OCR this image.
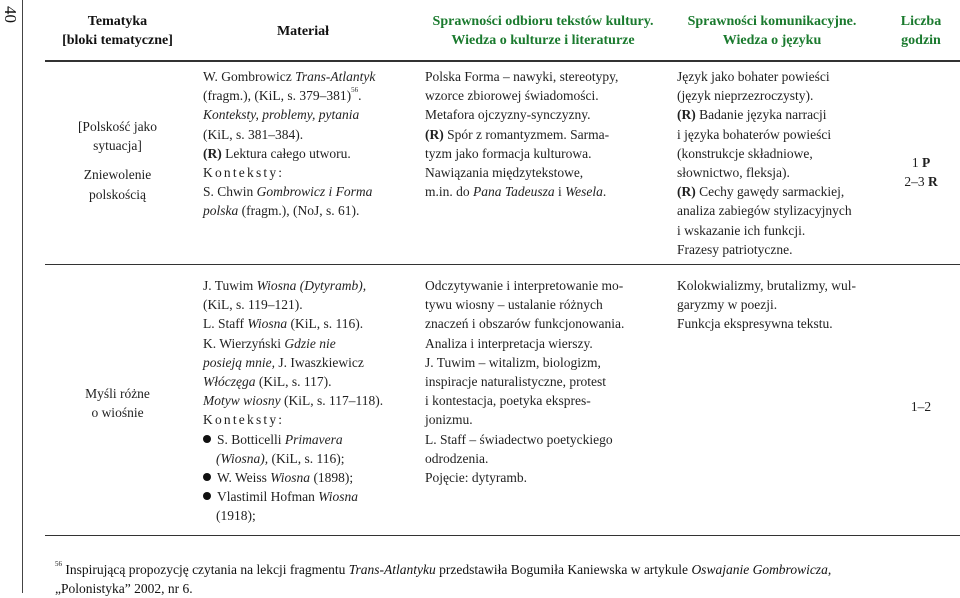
40	Tematyka
[bloki tematyczne]
Materiał
Sprawności odbioru tekstów kultury.
Wiedza o kulturze i literaturze
Sprawności komunikacyjne.
Wiedza o języku
Liczba
godzin
[Polskość jako
sytuacja]
Zniewolenie
polskością
W. Gombrowicz Trans-Atlantyk
(fragm.), (KiL, s. 379–381)$^{56}$.
Konteksty, problemy, pytania
(KiL, s. 381–384).
(R) Lektura całego utworu.
Konteksty:
S. Chwin Gombrowicz i Forma
polska (fragm.), (NoJ, s. 61).
Polska Forma – nawyki, stereotypy,
wzorce zbiorowej świadomości.
Metafora ojczyzny-synczyzny.
(R) Spór z romantyzmem. Sarma-
tyzm jako formacja kulturowa.
Nawiązania międzytekstowe,
m.in. do Pana Tadeusza i Wesela.
Język jako bohater powieści
(język nieprzezroczysty).
(R) Badanie języka narracji
i języka bohaterów powieści
(konstrukcje składniowe,
słownictwo, fleksja).
(R) Cechy gawędy sarmackiej,
analiza zabiegów stylizacyjnych
i wskazanie ich funkcji.
Frazesy patriotyczne.
1 P
2–3 R
Myśli różne
o wiośnie
J. Tuwim Wiosna (Dytyramb),
(KiL, s. 119–121).
L. Staff Wiosna (KiL, s. 116).
K. Wierzyński Gdzie nie
posieją mnie, J. Iwaszkiewicz
Włóczęga (KiL, s. 117).
Motyw wiosny (KiL, s. 117–118).
Konteksty:
S. Botticelli Primavera
(Wiosna), (KiL, s. 116);
W. Weiss Wiosna (1898);
Vlastimil Hofman Wiosna
(1918);
Odczytywanie i interpretowanie mo-
tywu wiosny – ustalanie różnych
znaczeń i obszarów funkcjonowania.
Analiza i interpretacja wierszy.
J. Tuwim – witalizm, biologizm,
inspiracje naturalistyczne, protest
i kontestacja, poetyka ekspres-
jonizmu.
L. Staff – świadectwo poetyckiego
odrodzenia.
Pojęcie: dytyramb.
Kolokwializmy, brutalizmy, wul-
garyzmy w poezji.
Funkcja ekspresywna tekstu.
1–2
$^{56}$ Inspirującą propozycję czytania na lekcji fragmentu Trans-Atlantyku przedstawiła Bogumiła Kaniewska w artykule Oswajanie Gombrowicza,
„Polonistyka” 2002, nr 6.
